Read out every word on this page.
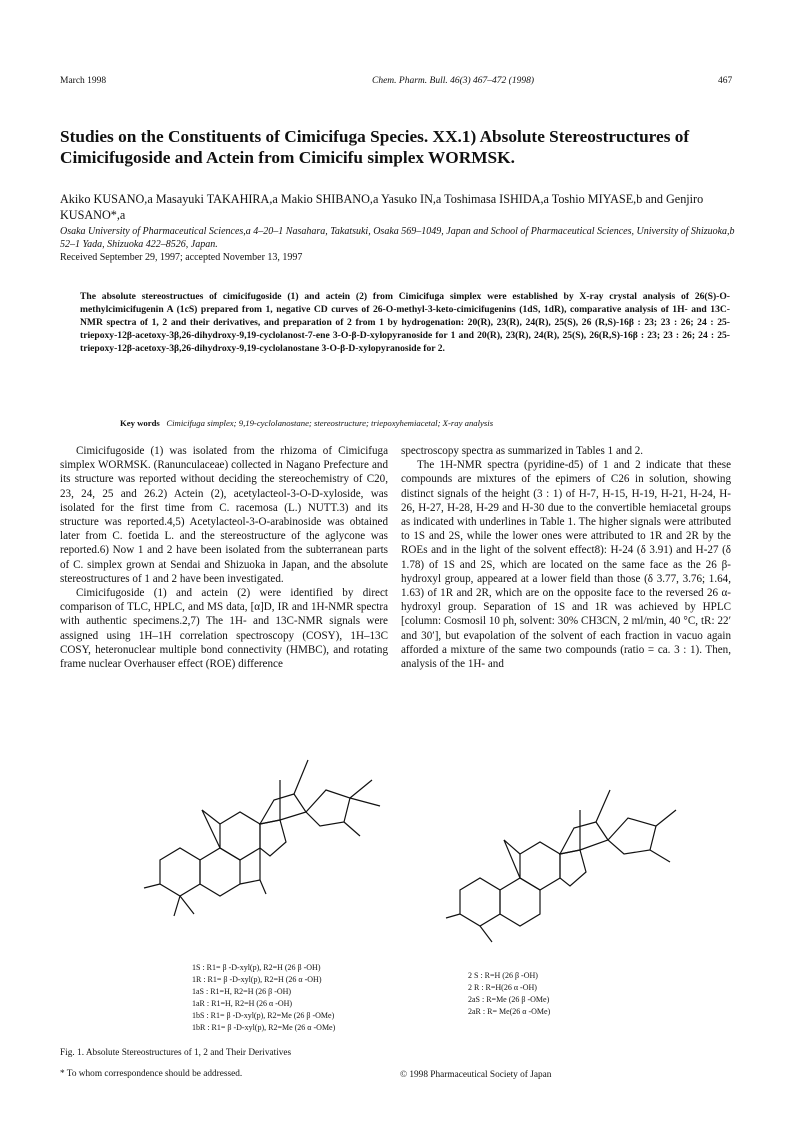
March 1998	Chem. Pharm. Bull. 46(3) 467–472 (1998)	467
Studies on the Constituents of Cimicifuga Species. XX.1) Absolute Stereostructures of Cimicifugoside and Actein from Cimicifu simplex WORMSK.
Akiko KUSANO,a Masayuki TAKAHIRA,a Makio SHIBANO,a Yasuko IN,a Toshimasa ISHIDA,a Toshio MIYASE,b and Genjiro KUSANO*,a
Osaka University of Pharmaceutical Sciences,a 4–20–1 Nasahara, Takatsuki, Osaka 569–1049, Japan and School of Pharmaceutical Sciences, University of Shizuoka,b 52–1 Yada, Shizuoka 422–8526, Japan.
Received September 29, 1997; accepted November 13, 1997
The absolute stereostructues of cimicifugoside (1) and actein (2) from Cimicifuga simplex were established by X-ray crystal analysis of 26(S)-O-methylcimicifugenin A (1cS) prepared from 1, negative CD curves of 26-O-methyl-3-keto-cimicifugenins (1dS, 1dR), comparative analysis of 1H- and 13C-NMR spectra of 1, 2 and their derivatives, and preparation of 2 from 1 by hydrogenation: 20(R), 23(R), 24(R), 25(S), 26 (R,S)-16β : 23; 23 : 26; 24 : 25-triepoxy-12β-acetoxy-3β,26-dihydroxy-9,19-cyclolanost-7-ene 3-O-β-D-xylopyranoside for 1 and 20(R), 23(R), 24(R), 25(S), 26(R,S)-16β : 23; 23 : 26; 24 : 25-triepoxy-12β-acetoxy-3β,26-dihydroxy-9,19-cyclolanostane 3-O-β-D-xylopyranoside for 2.
Key words Cimicifuga simplex; 9,19-cyclolanostane; stereostructure; triepoxyhemiacetal; X-ray analysis

Cimicifugoside (1) was isolated from the rhizoma of Cimicifuga simplex WORMSK. (Ranunculaceae) collected in Nagano Prefecture and its structure was reported without deciding the stereochemistry of C20, 23, 24, 25 and 26.2) Actein (2), acetylacteol-3-O-D-xyloside, was isolated for the first time from C. racemosa (L.) NUTT.3) and its structure was reported.4,5) Acetylacteol-3-O-arabinoside was obtained later from C. foetida L. and the stereostructure of the aglycone was reported.6) Now 1 and 2 have been isolated from the subterranean parts of C. simplex grown at Sendai and Shizuoka in Japan, and the absolute stereostructures of 1 and 2 have been investigated.

Cimicifugoside (1) and actein (2) were identified by direct comparison of TLC, HPLC, and MS data, [α]D, IR and 1H-NMR spectra with authentic specimens.2,7) The 1H- and 13C-NMR signals were assigned using 1H–1H correlation spectroscopy (COSY), 1H–13C COSY, heteronuclear multiple bond connectivity (HMBC), and rotating frame nuclear Overhauser effect (ROE) difference

spectroscopy spectra as summarized in Tables 1 and 2.

The 1H-NMR spectra (pyridine-d5) of 1 and 2 indicate that these compounds are mixtures of the epimers of C26 in solution, showing distinct signals of the height (3 : 1) of H-7, H-15, H-19, H-21, H-24, H-26, H-27, H-28, H-29 and H-30 due to the convertible hemiacetal groups as indicated with underlines in Table 1. The higher signals were attributed to 1S and 2S, while the lower ones were attributed to 1R and 2R by the ROEs and in the light of the solvent effect8): H-24 (δ 3.91) and H-27 (δ 1.78) of 1S and 2S, which are located on the same face as the 26 β-hydroxyl group, appeared at a lower field than those (δ 3.77, 3.76; 1.64, 1.63) of 1R and 2R, which are on the opposite face to the reversed 26 α-hydroxyl group. Separation of 1S and 1R was achieved by HPLC [column: Cosmosil 10 ph, solvent: 30% CH3CN, 2 ml/min, 40 °C, tR: 22′ and 30′], but evapolation of the solvent of each fraction in vacuo again afforded a mixture of the same two compounds (ratio = ca. 3 : 1). Then, analysis of the 1H- and

1S : R1= β -D-xyl(p), R2=H (26 β -OH)
1R : R1= β -D-xyl(p), R2=H (26 α -OH)
1aS : R1=H, R2=H (26 β -OH)
1aR : R1=H, R2=H (26 α -OH)
1bS : R1= β -D-xyl(p), R2=Me (26 β -OMe)
1bR : R1= β -D-xyl(p), R2=Me (26 α -OMe)
2 S : R=H (26 β -OH)
2 R : R=H(26 α -OH)
2aS : R=Me (26 β -OMe)
2aR : R= Me(26 α -OMe)
Fig. 1. Absolute Stereostructures of 1, 2 and Their Derivatives
* To whom correspondence should be addressed.	© 1998 Pharmaceutical Society of Japan
